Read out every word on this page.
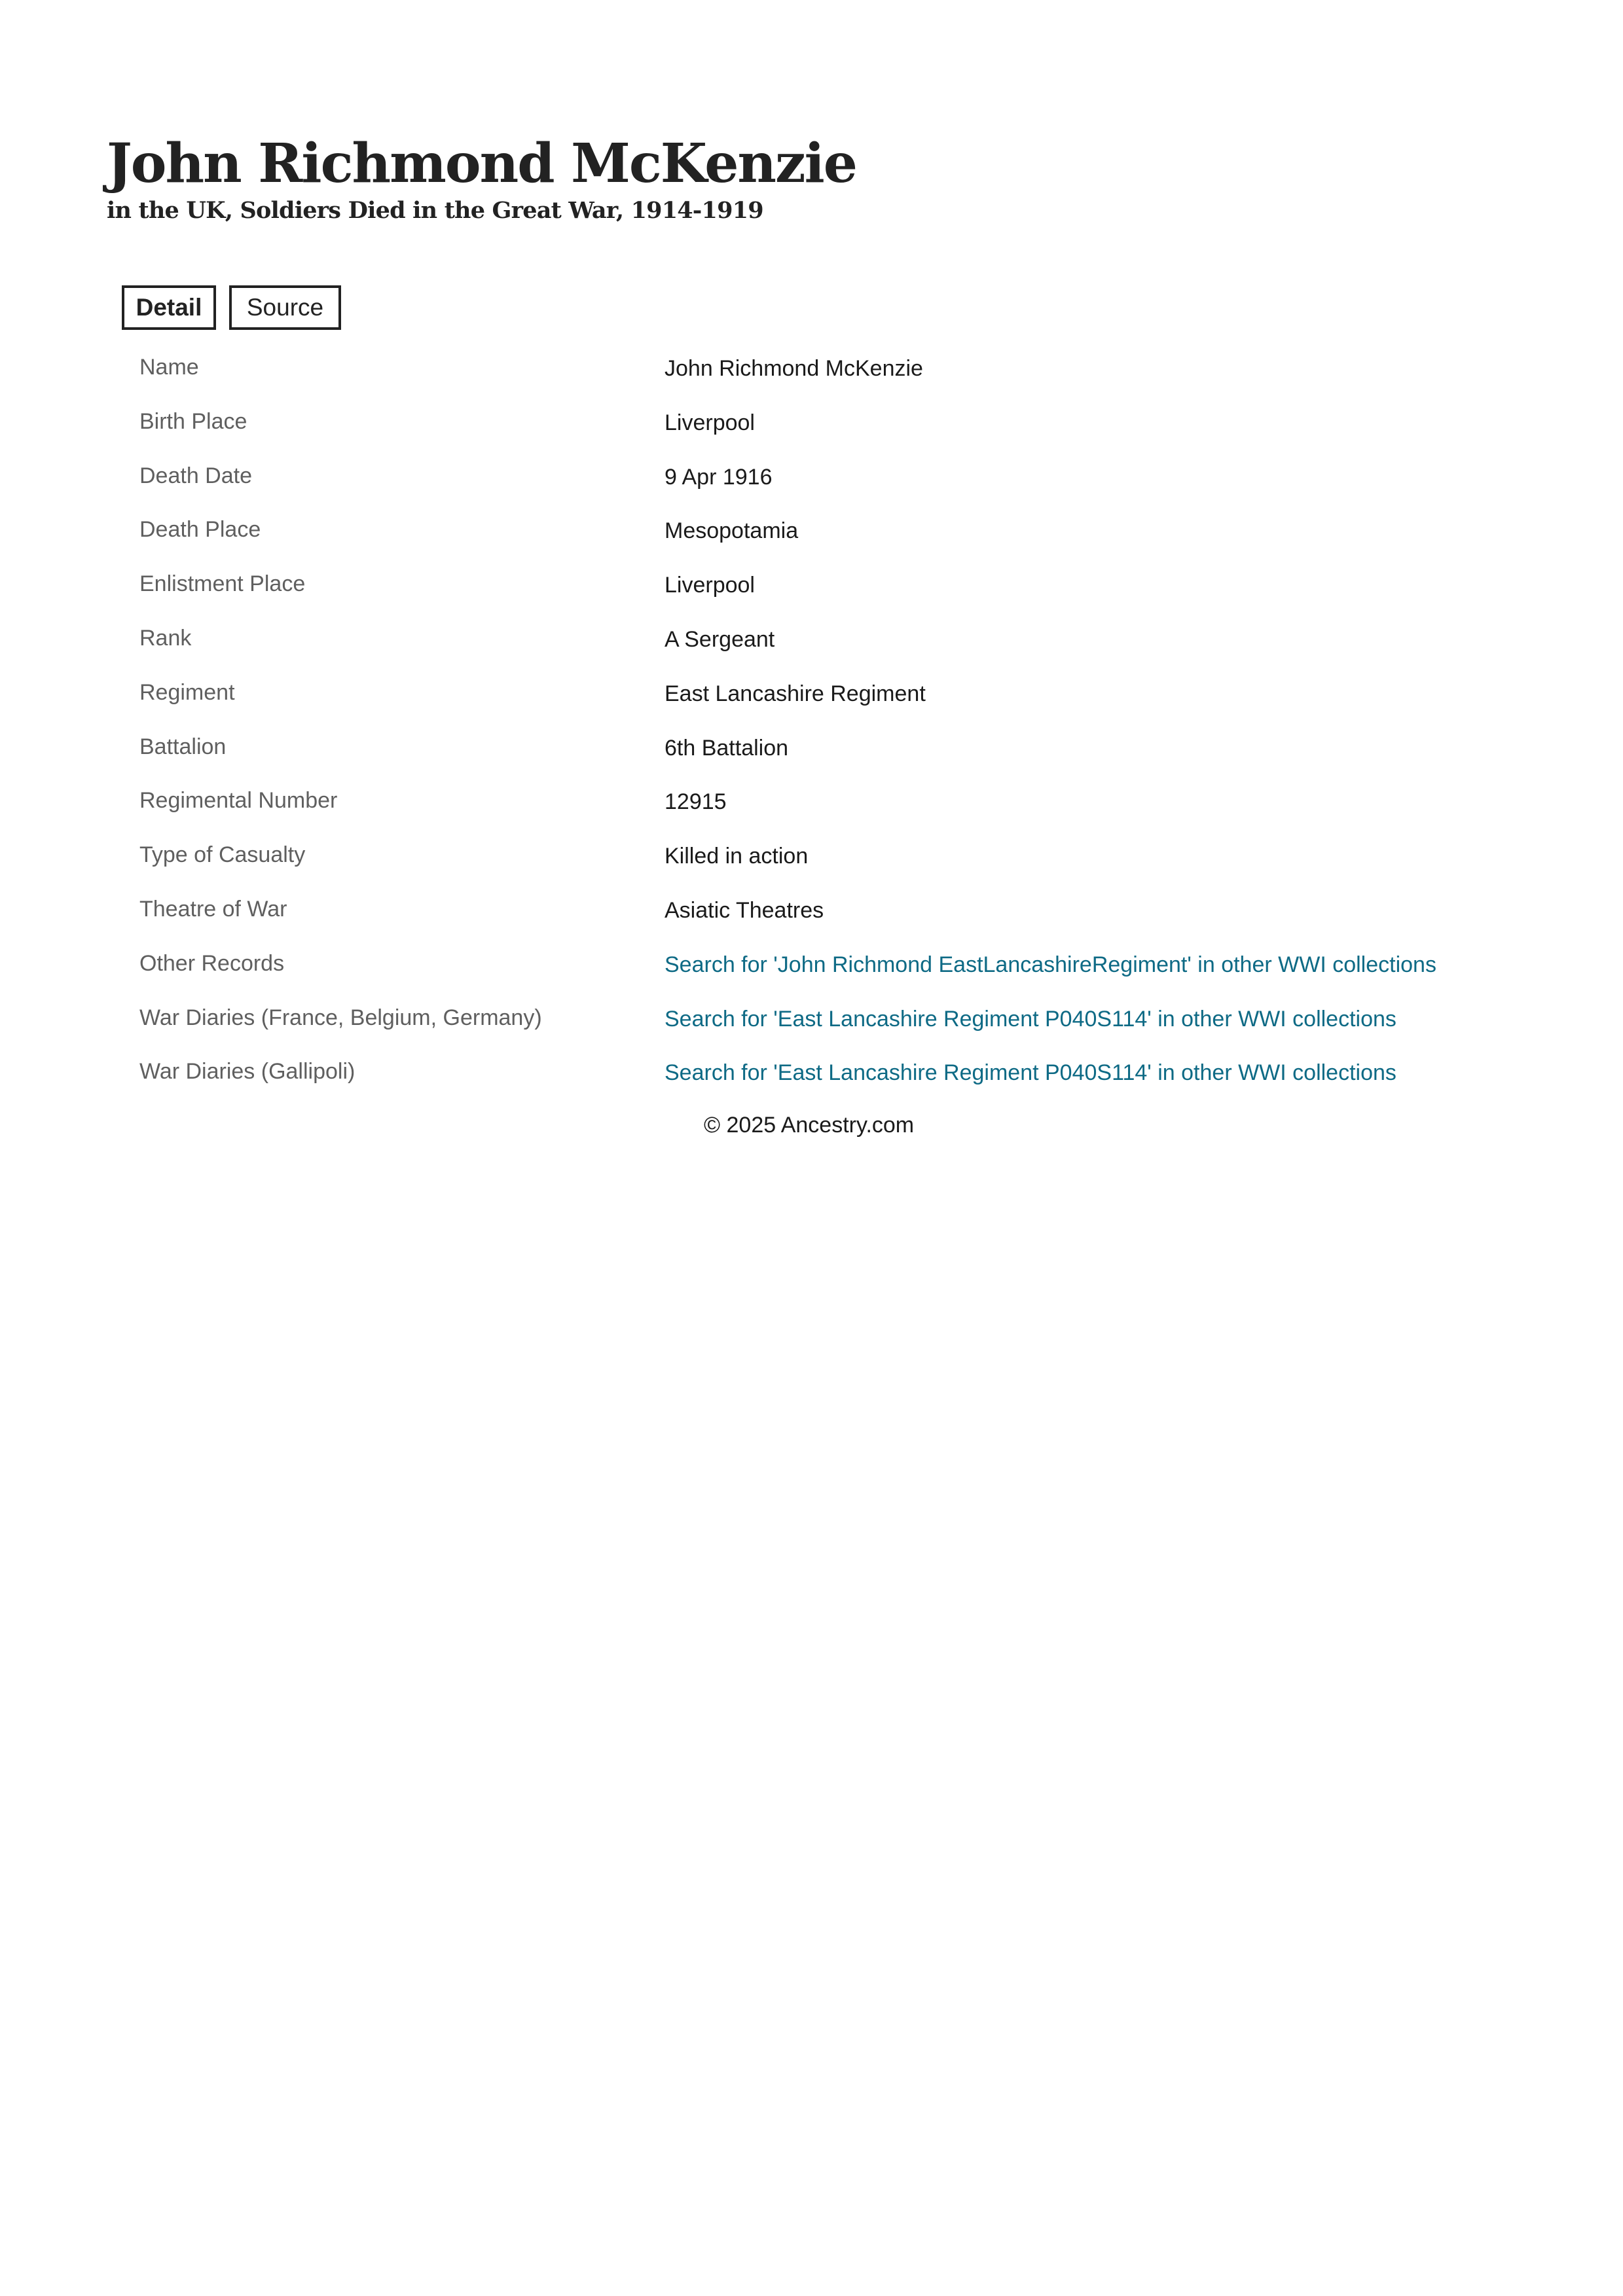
John Richmond McKenzie
in the UK, Soldiers Died in the Great War, 1914-1919
Detail	Source
Name	John Richmond McKenzie
Birth Place	Liverpool
Death Date	9 Apr 1916
Death Place	Mesopotamia
Enlistment Place	Liverpool
Rank	A Sergeant
Regiment	East Lancashire Regiment
Battalion	6th Battalion
Regimental Number	12915
Type of Casualty	Killed in action
Theatre of War	Asiatic Theatres
Other Records	Search for 'John Richmond EastLancashireRegiment' in other WWI collections
War Diaries (France, Belgium, Germany)	Search for 'East Lancashire Regiment P040S114' in other WWI collections
War Diaries (Gallipoli)	Search for 'East Lancashire Regiment P040S114' in other WWI collections
© 2025 Ancestry.com
